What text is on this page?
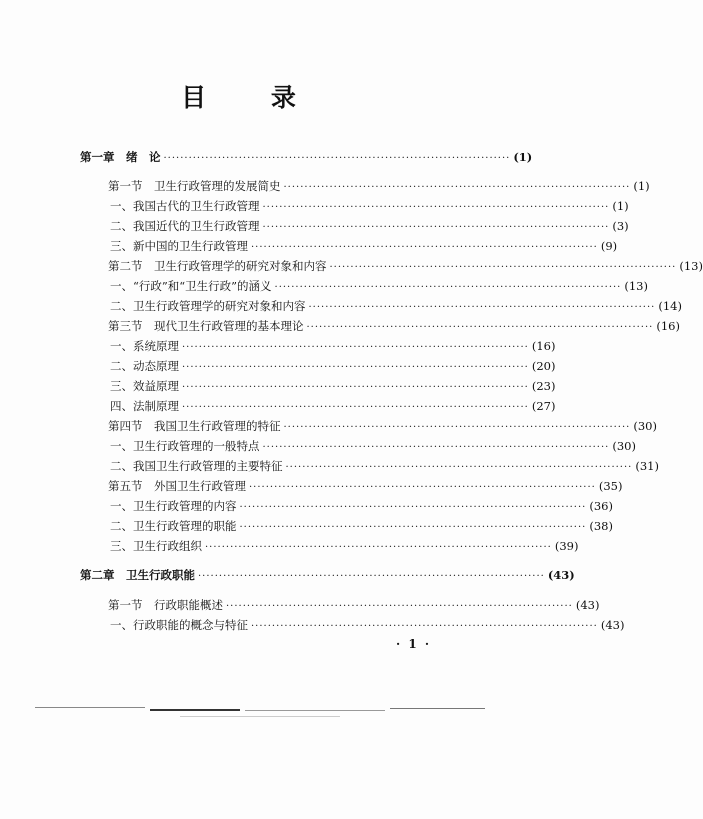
目 录
第一章　绪　论 ··················································································· (1)
第一节　卫生行政管理的发展简史 ··················································································· (1)
一、我国古代的卫生行政管理 ··················································································· (1)
二、我国近代的卫生行政管理 ··················································································· (3)
三、新中国的卫生行政管理 ··················································································· (9)
第二节　卫生行政管理学的研究对象和内容 ··················································································· (13)
一、“行政”和“卫生行政”的涵义 ··················································································· (13)
二、卫生行政管理学的研究对象和内容 ··················································································· (14)
第三节　现代卫生行政管理的基本理论 ··················································································· (16)
一、系统原理 ··················································································· (16)
二、动态原理 ··················································································· (20)
三、效益原理 ··················································································· (23)
四、法制原理 ··················································································· (27)
第四节　我国卫生行政管理的特征 ··················································································· (30)
一、卫生行政管理的一般特点 ··················································································· (30)
二、我国卫生行政管理的主要特征 ··················································································· (31)
第五节　外国卫生行政管理 ··················································································· (35)
一、卫生行政管理的内容 ··················································································· (36)
二、卫生行政管理的职能 ··················································································· (38)
三、卫生行政组织 ··················································································· (39)
第二章　卫生行政职能 ··················································································· (43)
第一节　行政职能概述 ··················································································· (43)
一、行政职能的概念与特征 ··················································································· (43)
· 1 ·
